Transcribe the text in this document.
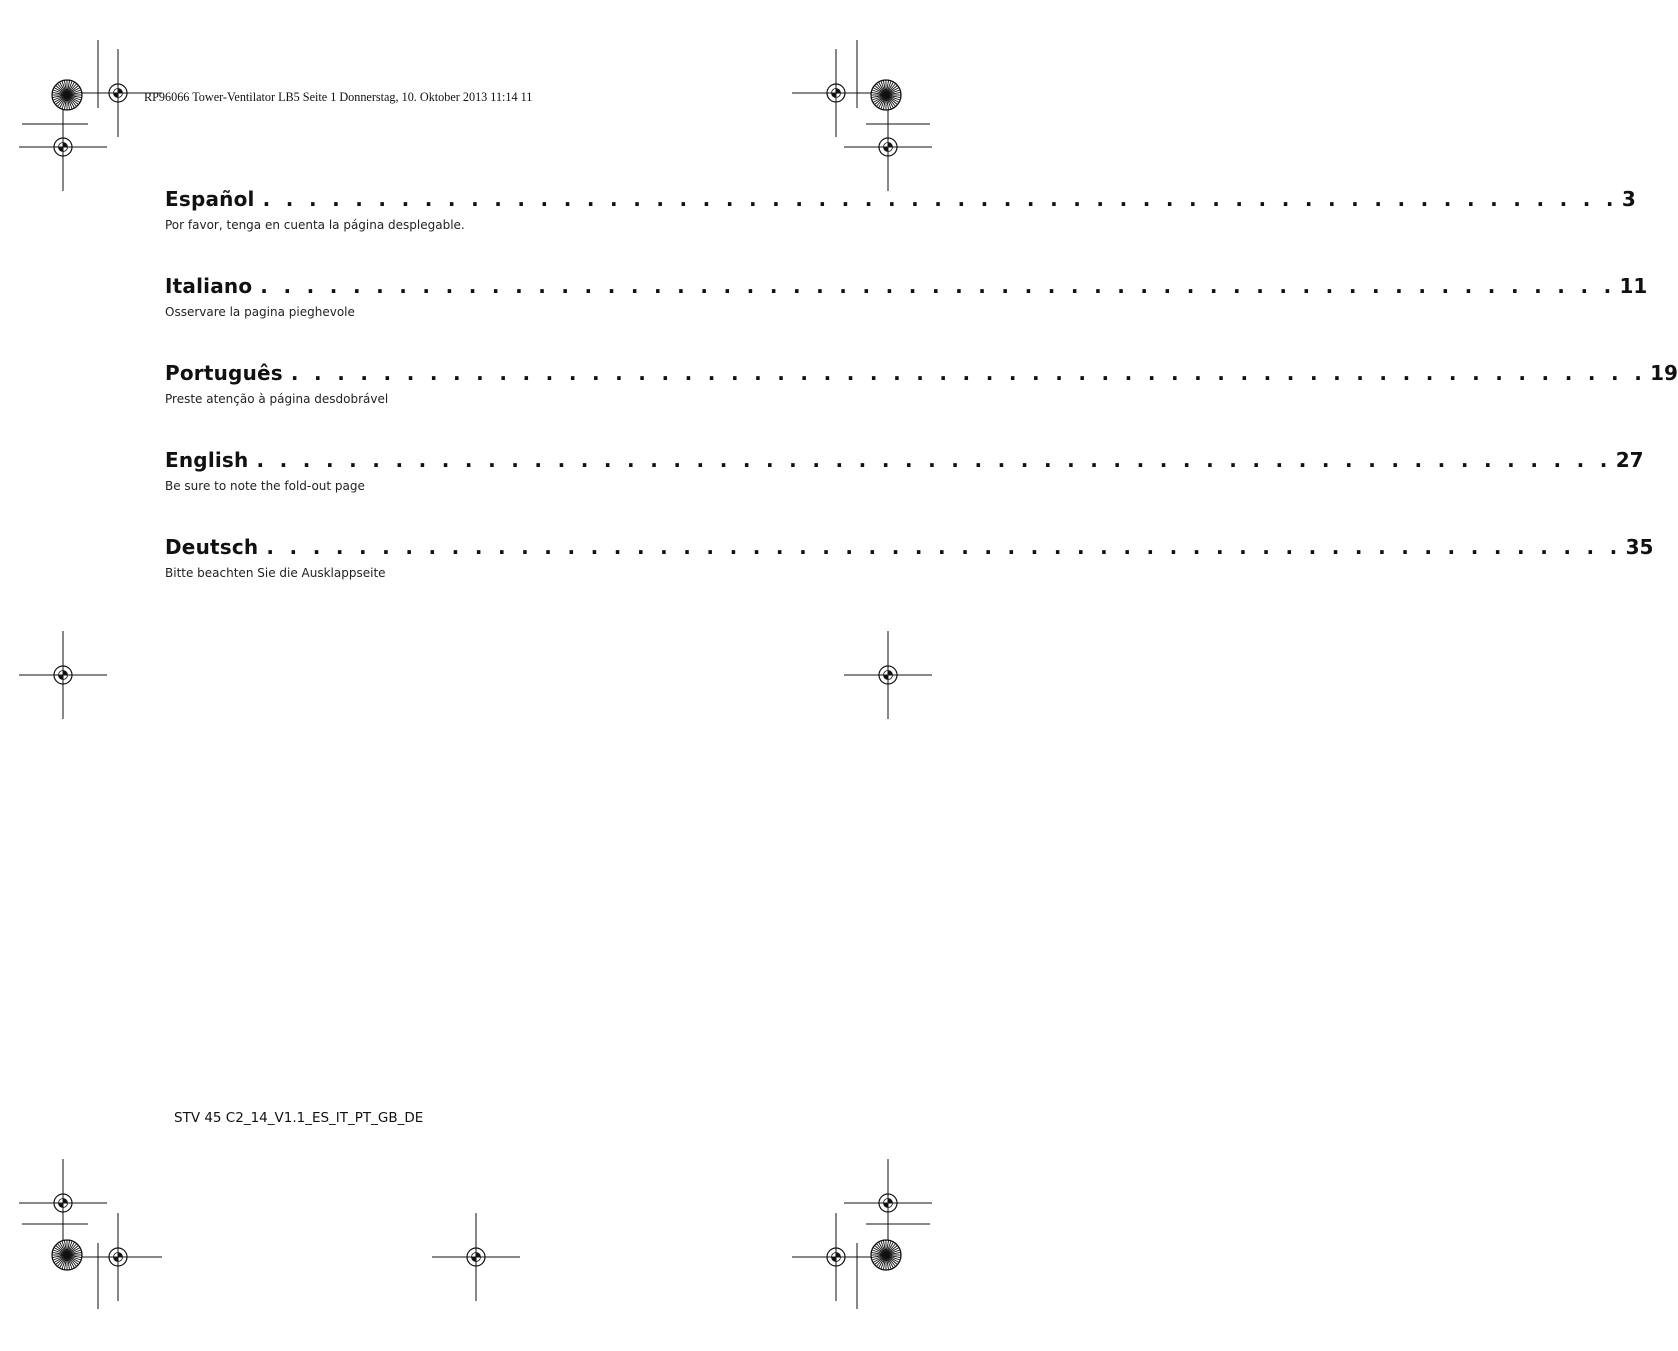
RP96066 Tower-Ventilator LB5 Seite 1 Donnerstag, 10. Oktober 2013 11:14 11
Español . . . . . . . . . . . . . . . . . . . . . . . . . . . . . . . . . . . . . . . . . . . . . . . . . . . . . . . . . . . 3
Por favor, tenga en cuenta la página desplegable.
Italiano . . . . . . . . . . . . . . . . . . . . . . . . . . . . . . . . . . . . . . . . . . . . . . . . . . . . . . . . . . . 11
Osservare la pagina pieghevole
Português . . . . . . . . . . . . . . . . . . . . . . . . . . . . . . . . . . . . . . . . . . . . . . . . . . . . . . . . . . . 19
Preste atenção à página desdobrável
English . . . . . . . . . . . . . . . . . . . . . . . . . . . . . . . . . . . . . . . . . . . . . . . . . . . . . . . . . . . 27
Be sure to note the fold-out page
Deutsch . . . . . . . . . . . . . . . . . . . . . . . . . . . . . . . . . . . . . . . . . . . . . . . . . . . . . . . . . . . 35
Bitte beachten Sie die Ausklappseite
STV 45 C2_14_V1.1_ES_IT_PT_GB_DE
